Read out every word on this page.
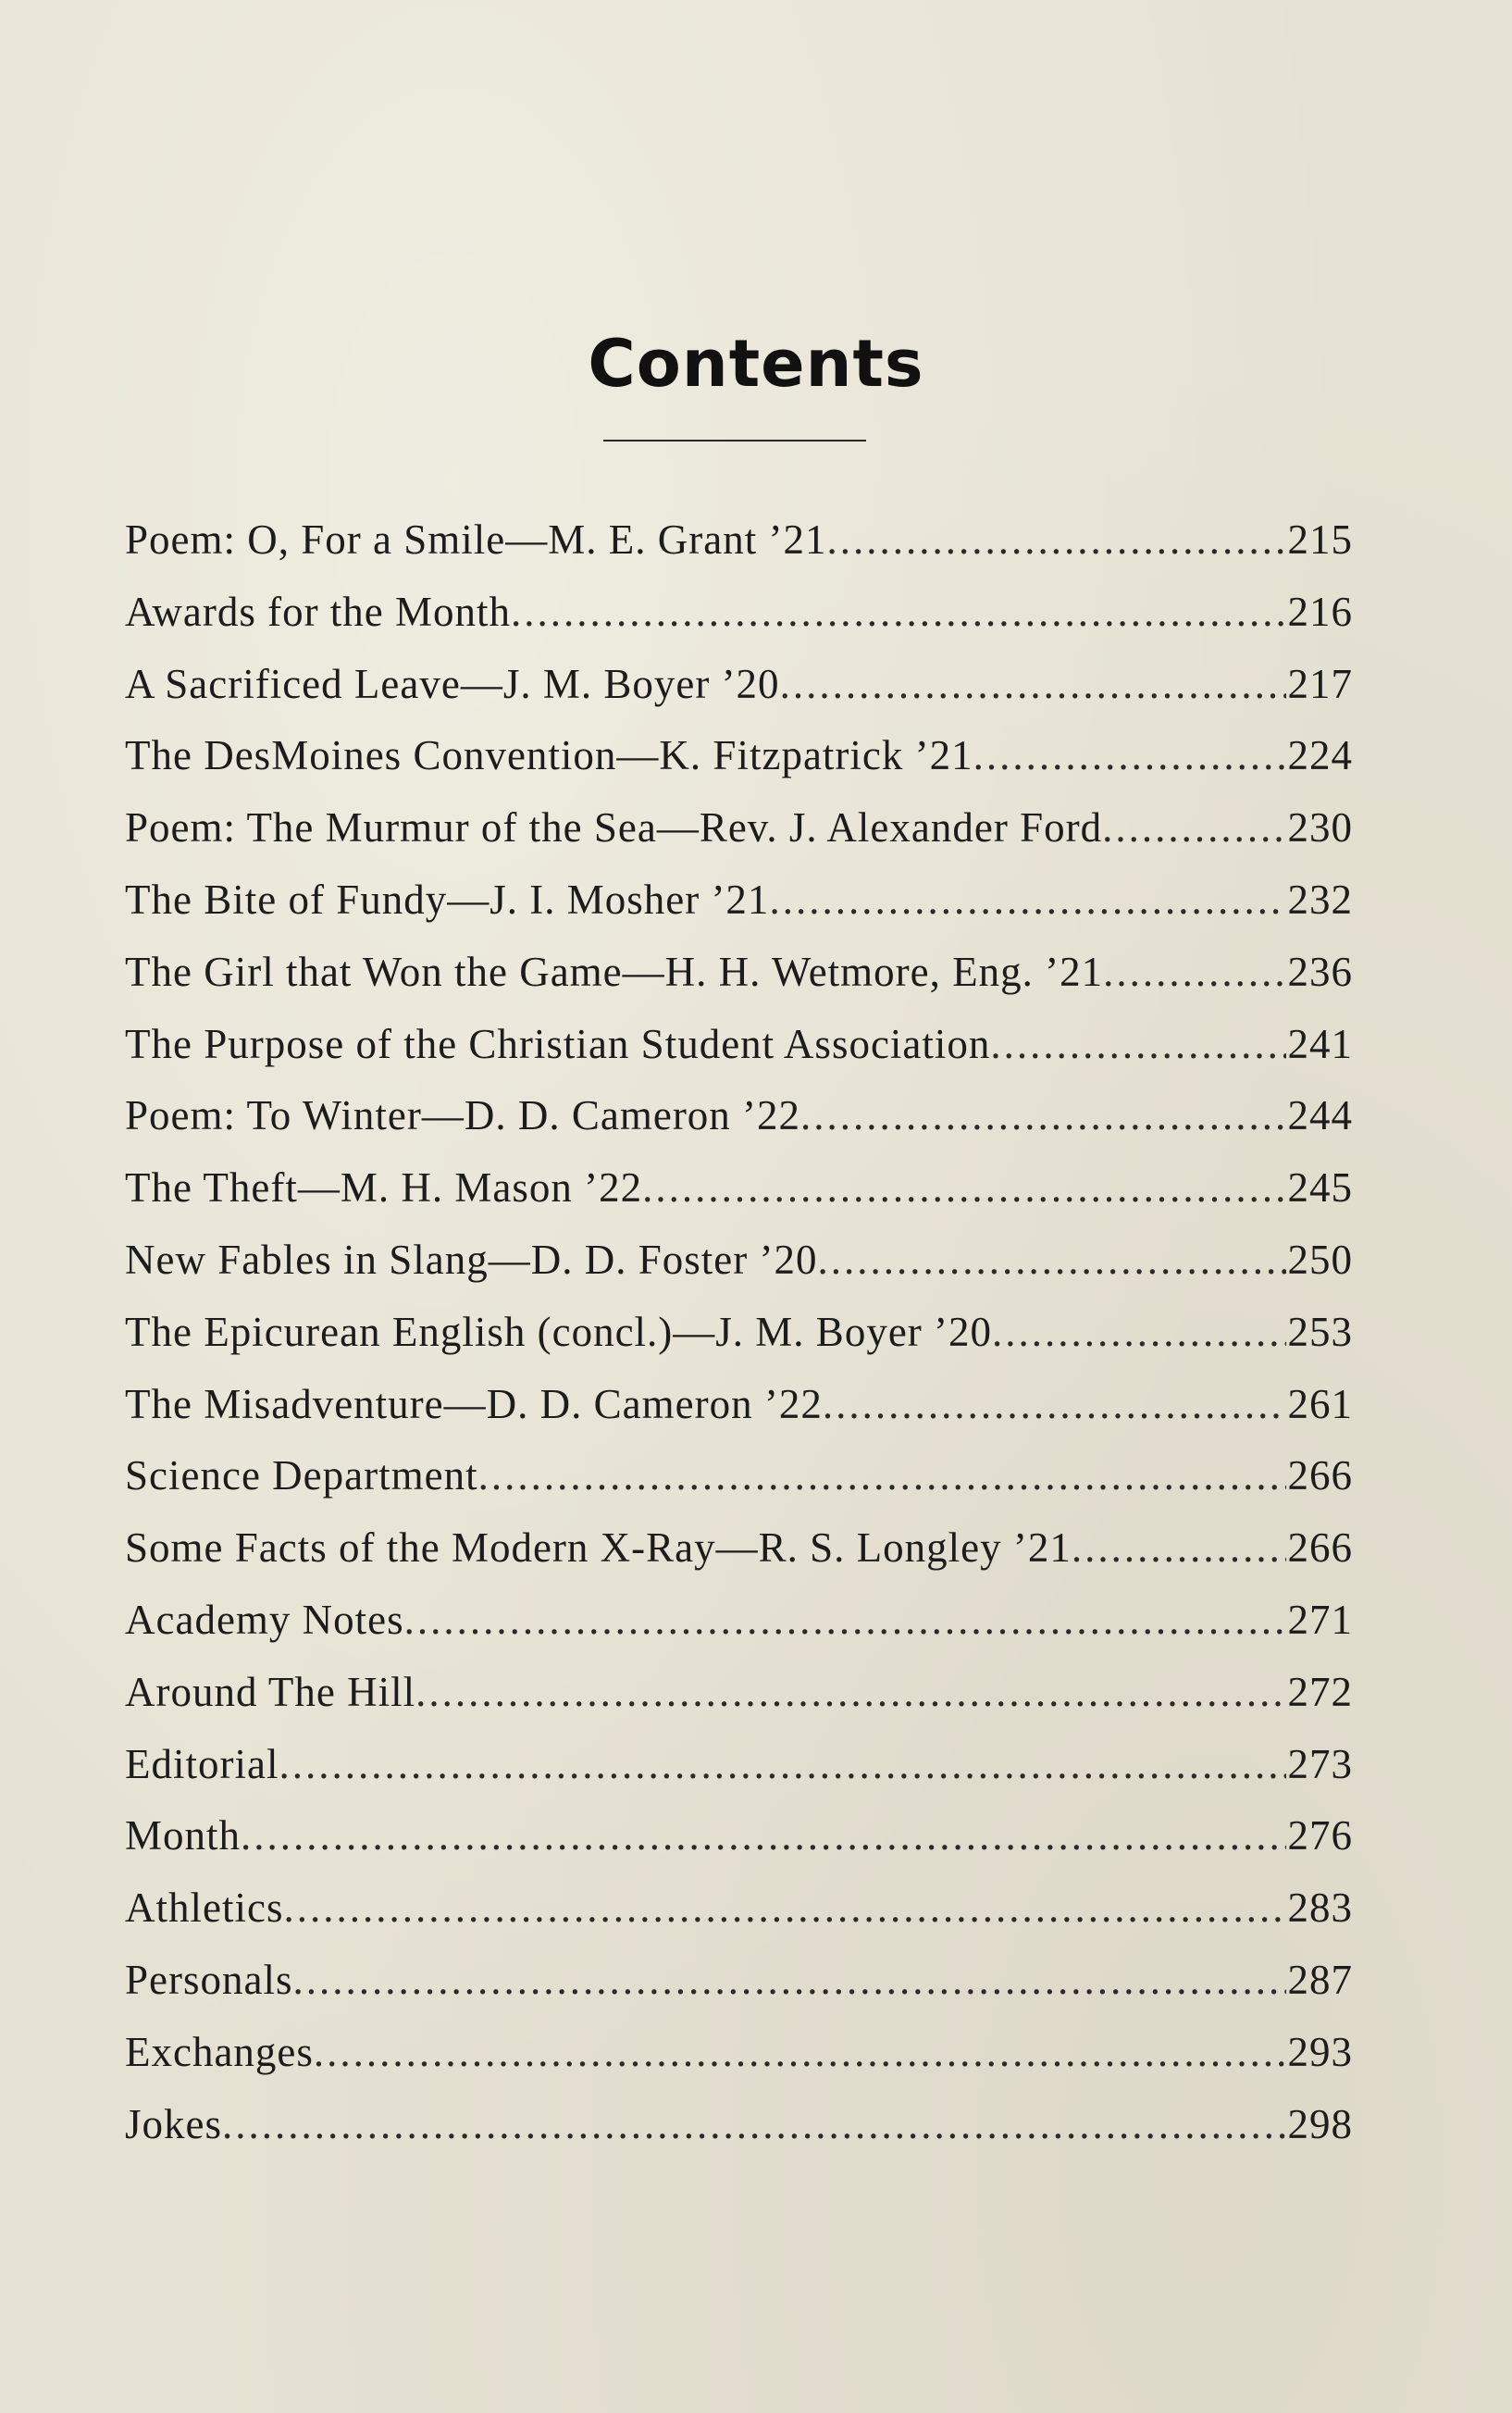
Contents
Poem: O, For a Smile—M. E. Grant ’21 .....	215
Awards for the Month .....	216
A Sacrificed Leave—J. M. Boyer ’20 .....	217
The DesMoines Convention—K. Fitzpatrick ’21 .....	224
Poem: The Murmur of the Sea—Rev. J. Alexander Ford .....	230
The Bite of Fundy—J. I. Mosher ’21 .....	232
The Girl that Won the Game—H. H. Wetmore, Eng. ’21 .....	236
The Purpose of the Christian Student Association .....	241
Poem: To Winter—D. D. Cameron ’22 .....	244
The Theft—M. H. Mason ’22 .....	245
New Fables in Slang—D. D. Foster ’20 .....	250
The Epicurean English (concl.)—J. M. Boyer ’20 .....	253
The Misadventure—D. D. Cameron ’22 .....	261
Science Department .....	266
Some Facts of the Modern X-Ray—R. S. Longley ’21 .....	266
Academy Notes .....	271
Around The Hill .....	272
Editorial .....	273
Month .....	276
Athletics .....	283
Personals .....	287
Exchanges .....	293
Jokes .....	298
